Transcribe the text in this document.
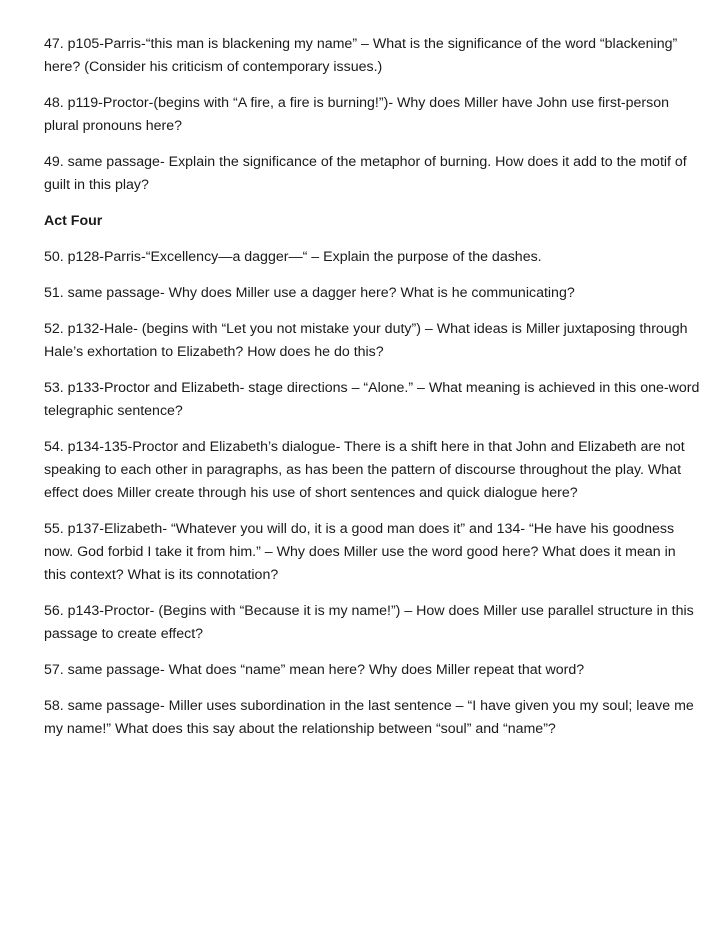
47. p105-Parris-“this man is blackening my name” – What is the significance of the word “blackening”
here? (Consider his criticism of contemporary issues.)
48. p119-Proctor-(begins with “A fire, a fire is burning!”)- Why does Miller have John use first-person
plural pronouns here?
49. same passage- Explain the significance of the metaphor of burning. How does it add to the motif of
guilt in this play?
Act Four
50. p128-Parris-“Excellency—a dagger—“ – Explain the purpose of the dashes.
51. same passage- Why does Miller use a dagger here? What is he communicating?
52. p132-Hale- (begins with “Let you not mistake your duty”) – What ideas is Miller juxtaposing through
Hale’s exhortation to Elizabeth? How does he do this?
53. p133-Proctor and Elizabeth- stage directions – “Alone.” – What meaning is achieved in this one-word
telegraphic sentence?
54. p134-135-Proctor and Elizabeth’s dialogue- There is a shift here in that John and Elizabeth are not
speaking to each other in paragraphs, as has been the pattern of discourse throughout the play. What
effect does Miller create through his use of short sentences and quick dialogue here?
55. p137-Elizabeth- “Whatever you will do, it is a good man does it” and 134- “He have his goodness
now. God forbid I take it from him.” – Why does Miller use the word good here? What does it mean in
this context? What is its connotation?
56. p143-Proctor- (Begins with “Because it is my name!”) – How does Miller use parallel structure in this
passage to create effect?
57. same passage- What does “name” mean here? Why does Miller repeat that word?
58. same passage- Miller uses subordination in the last sentence – “I have given you my soul; leave me
my name!” What does this say about the relationship between “soul” and “name”?
